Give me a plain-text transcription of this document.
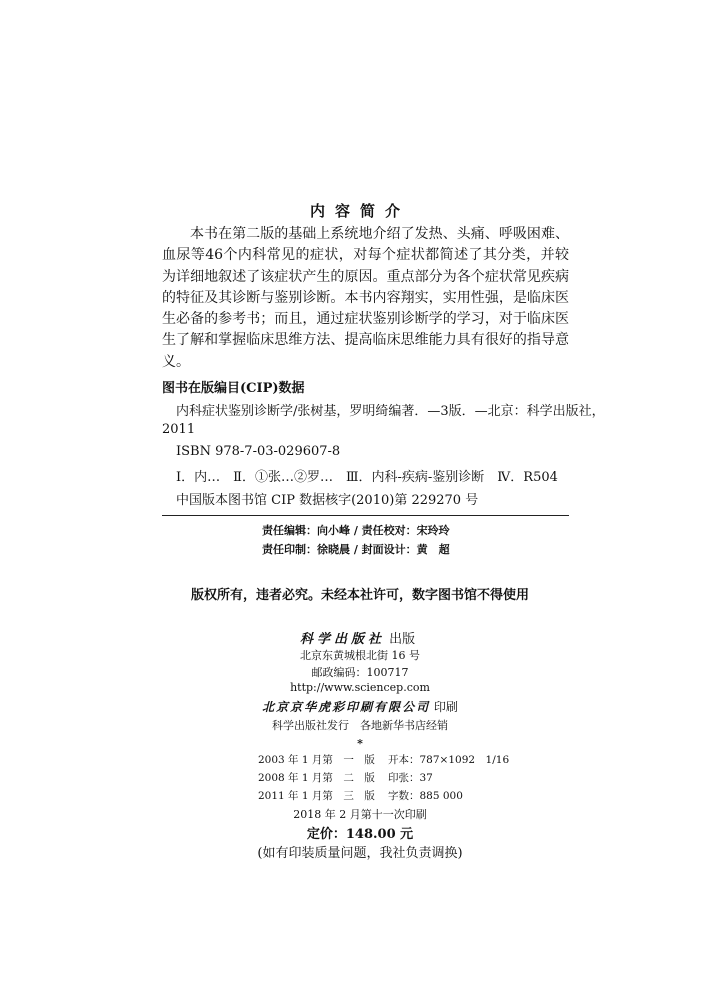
内容简介

本书在第二版的基础上系统地介绍了发热、头痛、呼吸困难、血尿等46个内科常见的症状，对每个症状都简述了其分类，并较为详细地叙述了该症状产生的原因。重点部分为各个症状常见疾病的特征及其诊断与鉴别诊断。本书内容翔实，实用性强，是临床医生必备的参考书；而且，通过症状鉴别诊断学的学习，对于临床医生了解和掌握临床思维方法、提高临床思维能力具有很好的指导意义。

图书在版编目(CIP)数据
内科症状鉴别诊断学/张树基，罗明绮编著．—3版．—北京：科学出版社，
2011
ISBN 978-7-03-029607-8
Ⅰ．内…　Ⅱ．①张…②罗…　Ⅲ．内科-疾病-鉴别诊断　Ⅳ．R504
中国版本图书馆 CIP 数据核字(2010)第 229270 号
责任编辑：向小峰 / 责任校对：宋玲玲
责任印制：徐晓晨 / 封面设计：黄　超
版权所有，违者必究。未经本社许可，数字图书馆不得使用
科学出版社 出版
北京东黄城根北街 16 号
邮政编码：100717
http://www.sciencep.com
北京京华虎彩印刷有限公司 印刷
科学出版社发行　各地新华书店经销
*
2003 年 1 月第　一　版 开本：787×1092　1/16
2008 年 1 月第　二　版 印张：37
2011 年 1 月第　三　版 字数：885 000
2018 年 2 月第十一次印刷
定价：148.00 元
(如有印装质量问题，我社负责调换)
